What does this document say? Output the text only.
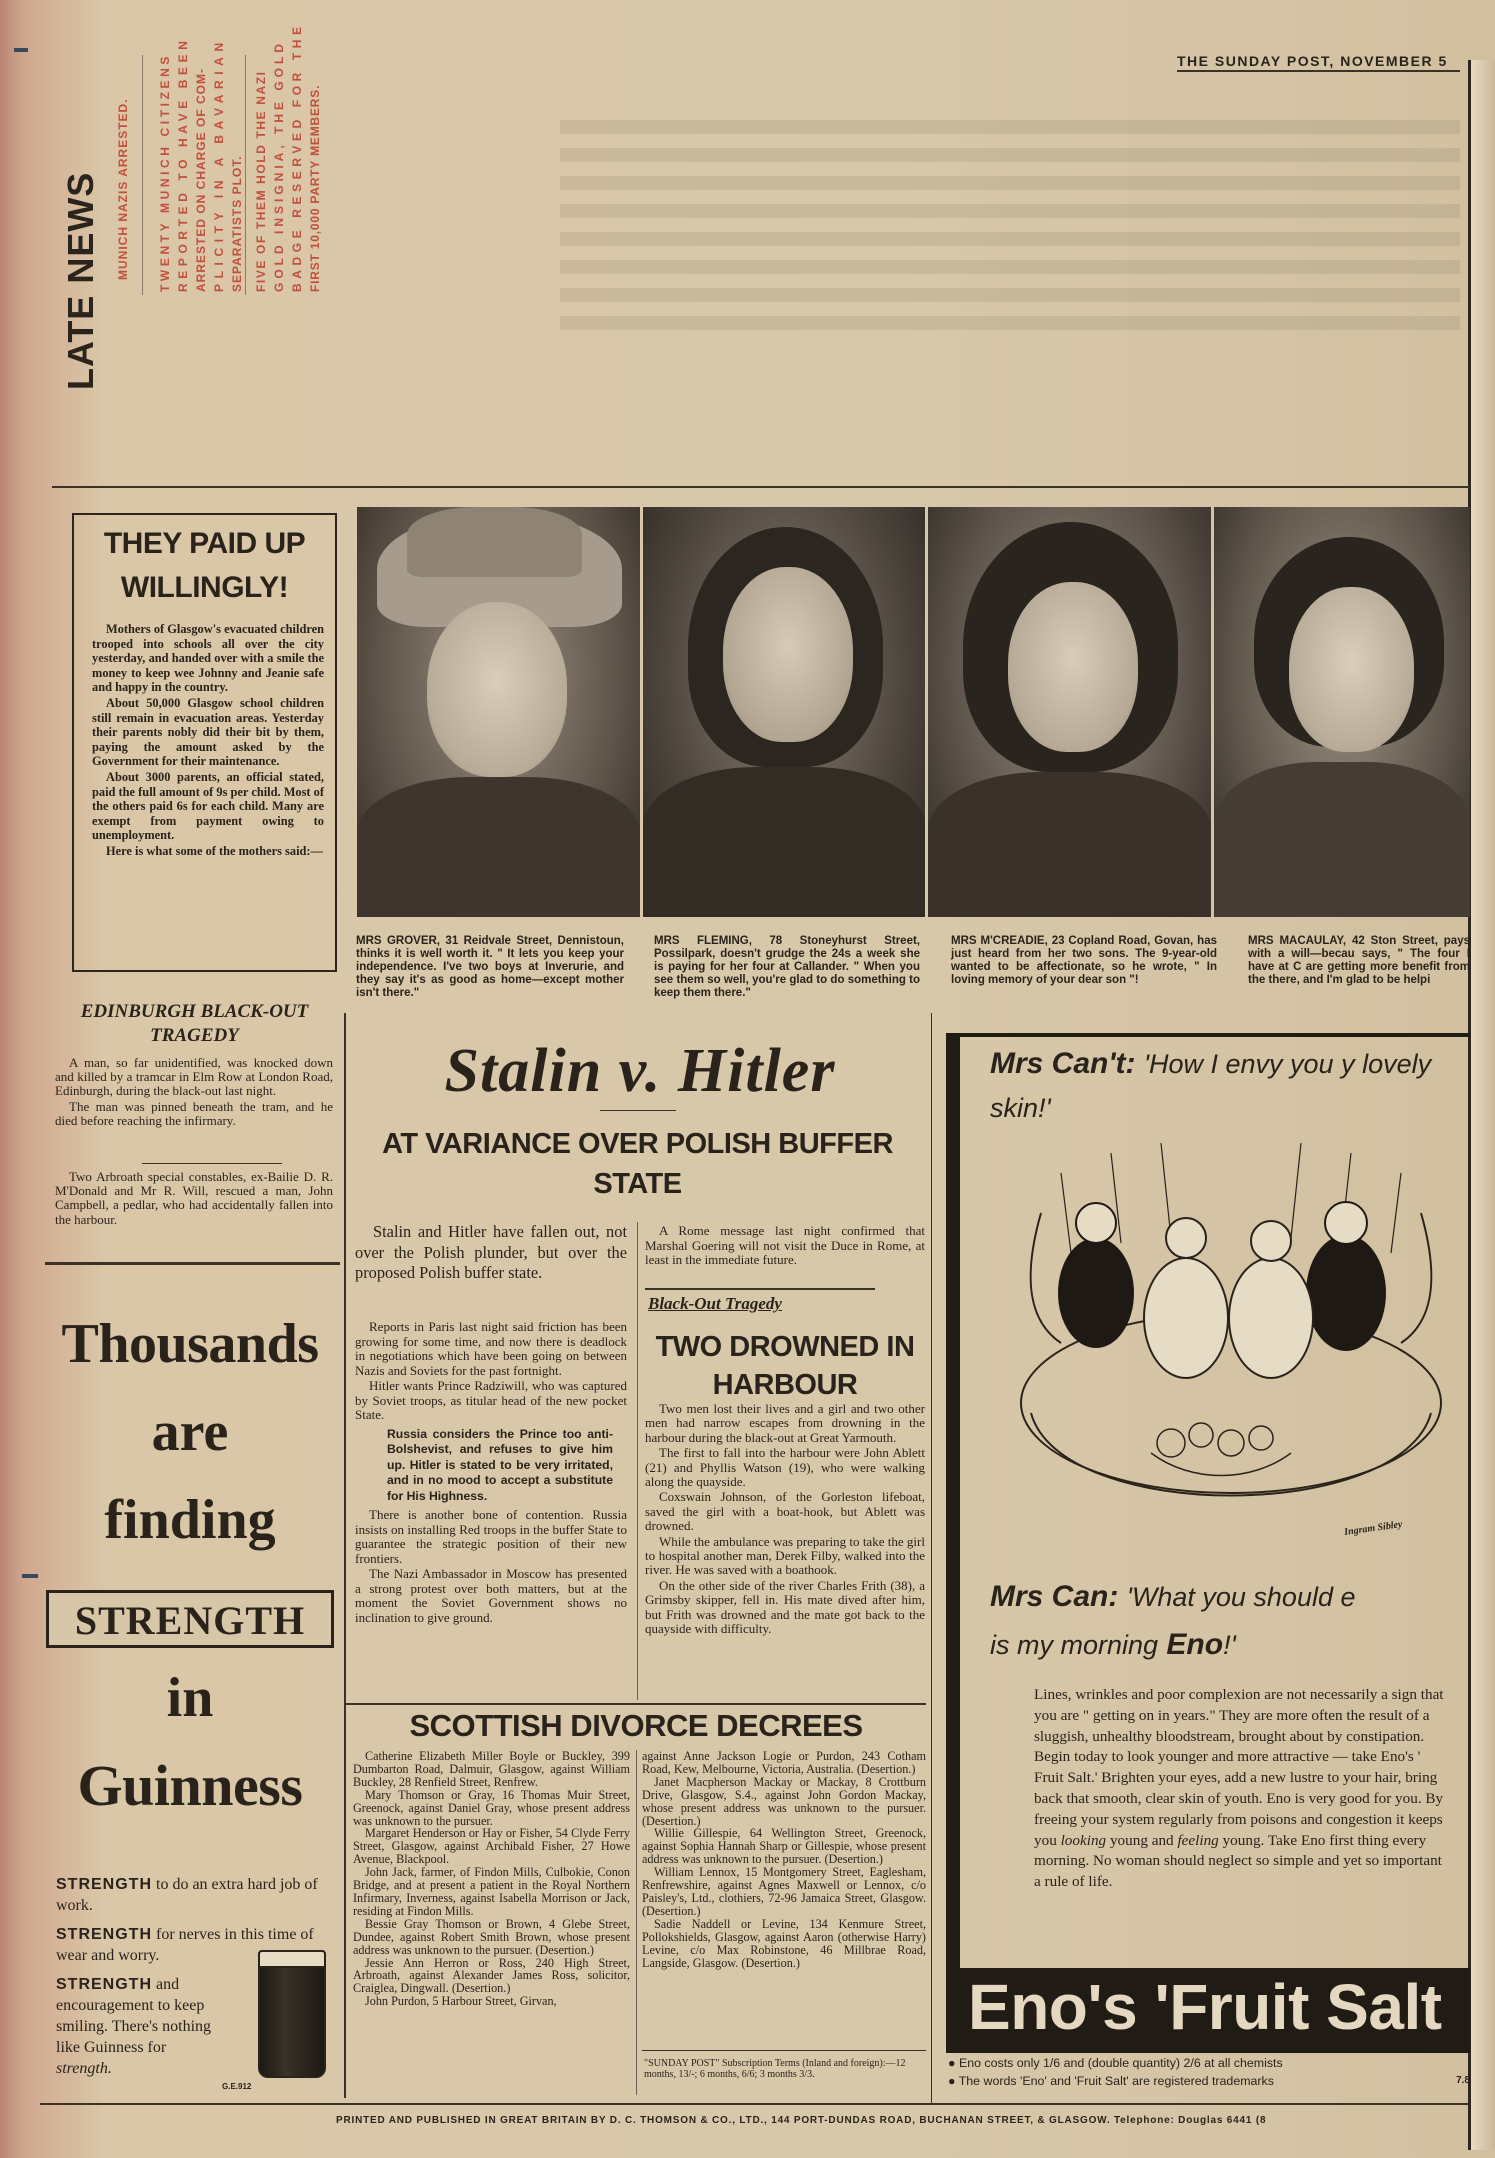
THE SUNDAY POST, NOVEMBER 5
LATE NEWS MUNICH NAZIS ARRESTED. TWENTY MUNICH CITIZENS REPORTED TO HAVE BEEN ARRESTED ON CHARGE OF COM- PLICITY IN A BAVARIAN SEPARATISTS PLOT. FIVE OF THEM HOLD THE NAZI GOLD INSIGNIA, THE GOLD BADGE RESERVED FOR THE FIRST 10,000 PARTY MEMBERS.
THEY PAID UP
WILLINGLY!

Mothers of Glasgow's evacuated children trooped into schools all over the city yesterday, and handed over with a smile the money to keep wee Johnny and Jeanie safe and happy in the country.

About 50,000 Glasgow school children still remain in evacuation areas. Yesterday their parents nobly did their bit by them, paying the amount asked by the Government for their maintenance.

About 3000 parents, an official stated, paid the full amount of 9s per child. Most of the others paid 6s for each child. Many are exempt from payment owing to unemployment.

Here is what some of the mothers said:—

MRS GROVER, 31 Reidvale Street, Dennistoun, thinks it is well worth it. " It lets you keep your independence. I've two boys at Inverurie, and they say it's as good as home—except mother isn't there."
MRS FLEMING, 78 Stoneyhurst Street, Possilpark, doesn't grudge the 24s a week she is paying for her four at Callander. " When you see them so well, you're glad to do something to keep them there."
MRS M'CREADIE, 23 Copland Road, Govan, has just heard from her two sons. The 9-year-old wanted to be affectionate, so he wrote, " In loving memory of your dear son "!
MRS MACAULAY, 42 Ston Street, pays with a will—becau says, " The four I have at C are getting more benefit from the there, and I'm glad to be helpi
EDINBURGH BLACK-OUT
TRAGEDY

A man, so far unidentified, was knocked down and killed by a tramcar in Elm Row at London Road, Edinburgh, during the black-out last night.

The man was pinned beneath the tram, and he died before reaching the infirmary.

Two Arbroath special constables, ex-Bailie D. R. M'Donald and Mr R. Will, rescued a man, John Campbell, a pedlar, who had accidentally fallen into the harbour.

Thousands
are
finding
STRENGTH
in
Guinness
STRENGTH to do an extra hard job of work.
STRENGTH for nerves in this time of wear and worry.
STRENGTH and encouragement to keep smiling. There's nothing like Guinness for strength.
G.E.912
Stalin v. Hitler
AT VARIANCE OVER POLISH BUFFER
STATE
Stalin and Hitler have fallen out, not over the Polish plunder, but over the proposed Polish buffer state.

Reports in Paris last night said friction has been growing for some time, and now there is deadlock in negotiations which have been going on between Nazis and Soviets for the past fortnight.

Hitler wants Prince Radziwill, who was captured by Soviet troops, as titular head of the new pocket State.

Russia considers the Prince too anti-Bolshevist, and refuses to give him up. Hitler is stated to be very irritated, and in no mood to accept a substitute for His Highness.

There is another bone of contention. Russia insists on installing Red troops in the buffer State to guarantee the strategic position of their new frontiers.

The Nazi Ambassador in Moscow has presented a strong protest over both matters, but at the moment the Soviet Government shows no inclination to give ground.

A Rome message last night confirmed that Marshal Goering will not visit the Duce in Rome, at least in the immediate future.
Black-Out Tragedy
TWO DROWNED IN
HARBOUR

Two men lost their lives and a girl and two other men had narrow escapes from drowning in the harbour during the black-out at Great Yarmouth.

The first to fall into the harbour were John Ablett (21) and Phyllis Watson (19), who were walking along the quayside.

Coxswain Johnson, of the Gorleston lifeboat, saved the girl with a boat-hook, but Ablett was drowned.

While the ambulance was preparing to take the girl to hospital another man, Derek Filby, walked into the river. He was saved with a boathook.

On the other side of the river Charles Frith (38), a Grimsby skipper, fell in. His mate dived after him, but Frith was drowned and the mate got back to the quayside with difficulty.

SCOTTISH DIVORCE DECREES

Catherine Elizabeth Miller Boyle or Buckley, 399 Dumbarton Road, Dalmuir, Glasgow, against William Buckley, 28 Renfield Street, Renfrew.

Mary Thomson or Gray, 16 Thomas Muir Street, Greenock, against Daniel Gray, whose present address was unknown to the pursuer.

Margaret Henderson or Hay or Fisher, 54 Clyde Ferry Street, Glasgow, against Archibald Fisher, 27 Howe Avenue, Blackpool.

John Jack, farmer, of Findon Mills, Culbokie, Conon Bridge, and at present a patient in the Royal Northern Infirmary, Inverness, against Isabella Morrison or Jack, residing at Findon Mills.

Bessie Gray Thomson or Brown, 4 Glebe Street, Dundee, against Robert Smith Brown, whose present address was unknown to the pursuer. (Desertion.)

Jessie Ann Herron or Ross, 240 High Street, Arbroath, against Alexander James Ross, solicitor, Craiglea, Dingwall. (Desertion.)

John Purdon, 5 Harbour Street, Girvan,

against Anne Jackson Logie or Purdon, 243 Cotham Road, Kew, Melbourne, Victoria, Australia. (Desertion.)

Janet Macpherson Mackay or Mackay, 8 Crottburn Drive, Glasgow, S.4., against John Gordon Mackay, whose present address was unknown to the pursuer. (Desertion.)

Willie Gillespie, 64 Wellington Street, Greenock, against Sophia Hannah Sharp or Gillespie, whose present address was unknown to the pursuer. (Desertion.)

William Lennox, 15 Montgomery Street, Eaglesham, Renfrewshire, against Agnes Maxwell or Lennox, c/o Paisley's, Ltd., clothiers, 72-96 Jamaica Street, Glasgow. (Desertion.)

Sadie Naddell or Levine, 134 Kenmure Street, Pollokshields, Glasgow, against Aaron (otherwise Harry) Levine, c/o Max Robinstone, 46 Millbrae Road, Langside, Glasgow. (Desertion.)

"SUNDAY POST" Subscription Terms (Inland and foreign):—12 months, 13/-; 6 months, 6/6; 3 months 3/3.
Mrs Can't: 'How I envy you y lovely skin!'
Ingram Sibley
Mrs Can: 'What you should e
is my morning Eno!'
Lines, wrinkles and poor complexion are not necessarily a sign that you are " getting on in years." They are more often the result of a sluggish, unhealthy bloodstream, brought about by constipation. Begin today to look younger and more attractive — take Eno's ' Fruit Salt.' Brighten your eyes, add a new lustre to your hair, bring back that smooth, clear skin of youth. Eno is very good for you. By freeing your system regularly from poisons and congestion it keeps you looking young and feeling young. Take Eno first thing every morning. No woman should neglect so simple and yet so important a rule of life.
Eno's 'Fruit Salt
● Eno costs only 1/6 and (double quantity) 2/6 at all chemists
● The words 'Eno' and 'Fruit Salt' are registered trademarks	7.8
PRINTED AND PUBLISHED IN GREAT BRITAIN BY D. C. THOMSON & CO., LTD., 144 PORT-DUNDAS ROAD, BUCHANAN STREET, & GLASGOW. Telephone: Douglas 6441 (8
